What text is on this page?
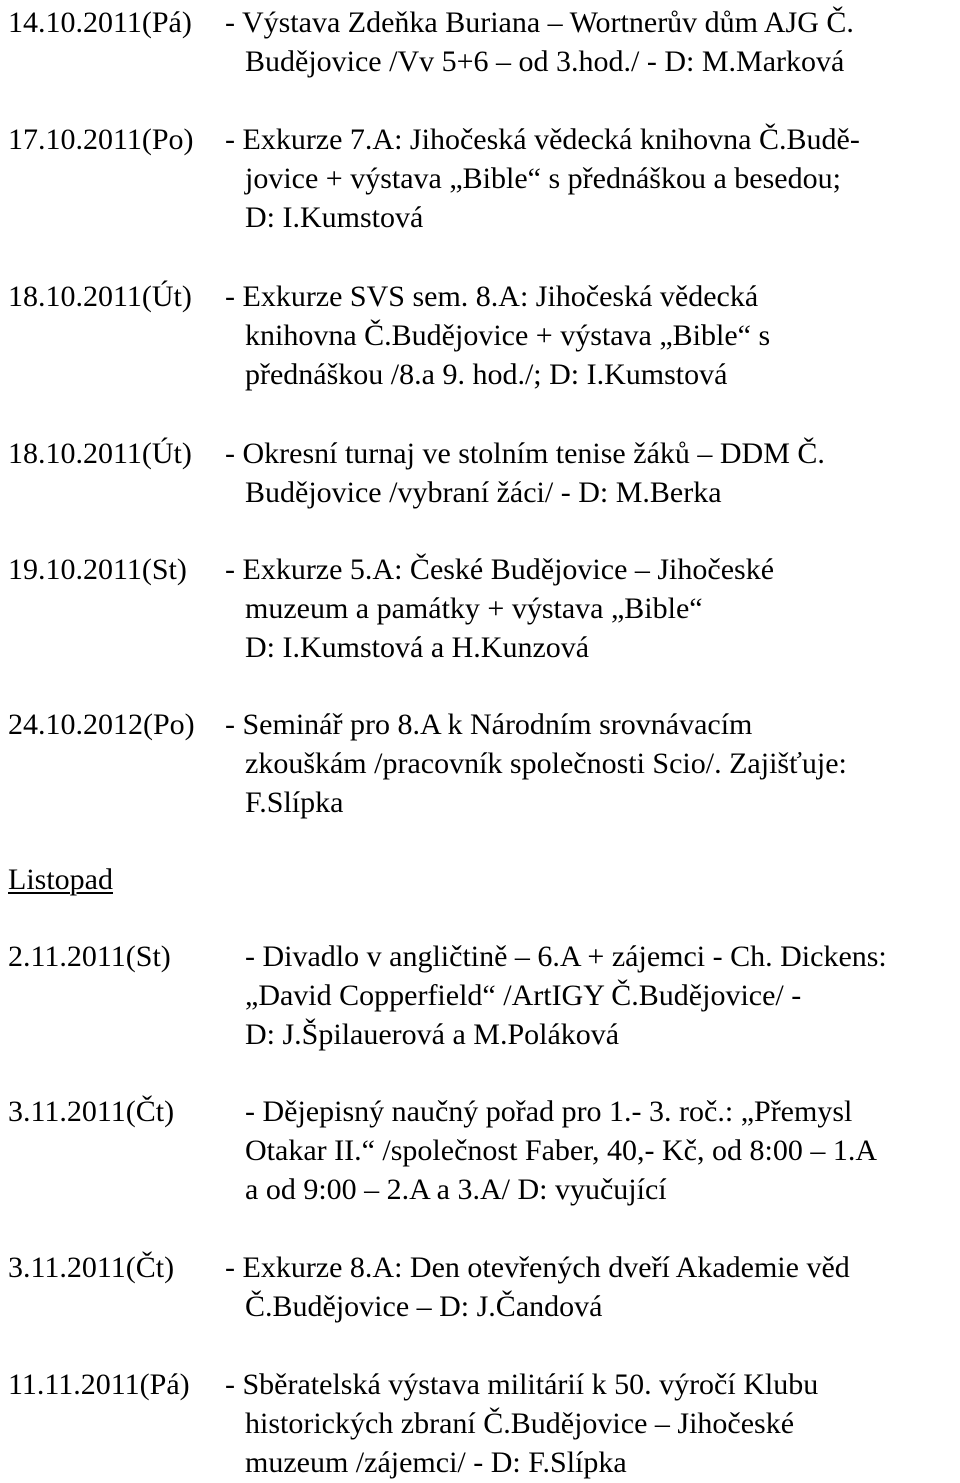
14.10.2011(Pá) - Výstava Zdeňka Buriana – Wortnerův dům AJG Č.
Budějovice /Vv 5+6 – od 3.hod./ - D: M.Marková
17.10.2011(Po) - Exkurze 7.A: Jihočeská vědecká knihovna Č.Budě-
jovice + výstava „Bible“ s přednáškou a besedou;
D: I.Kumstová
18.10.2011(Út) - Exkurze SVS sem. 8.A: Jihočeská vědecká
knihovna Č.Budějovice + výstava „Bible“ s
přednáškou /8.a 9. hod./; D: I.Kumstová
18.10.2011(Út) - Okresní turnaj ve stolním tenise žáků – DDM Č.
Budějovice /vybraní žáci/ - D: M.Berka
19.10.2011(St) - Exkurze 5.A: České Budějovice – Jihočeské
muzeum a památky + výstava „Bible“
D: I.Kumstová a H.Kunzová
24.10.2012(Po) - Seminář pro 8.A k Národním srovnávacím
zkouškám /pracovník společnosti Scio/. Zajišťuje:
F.Slípka
Listopad
2.11.2011(St) - Divadlo v angličtině – 6.A + zájemci - Ch. Dickens:
„David Copperfield“ /ArtIGY Č.Budějovice/ -
D: J.Špilauerová a M.Poláková
3.11.2011(Čt) - Dějepisný naučný pořad pro 1.- 3. roč.: „Přemysl
Otakar II.“ /společnost Faber, 40,- Kč, od 8:00 – 1.A
a od 9:00 – 2.A a 3.A/ D: vyučující
3.11.2011(Čt) - Exkurze 8.A: Den otevřených dveří Akademie věd
Č.Budějovice – D: J.Čandová
11.11.2011(Pá) - Sběratelská výstava militárií k 50. výročí Klubu
historických zbraní Č.Budějovice – Jihočeské
muzeum /zájemci/ - D: F.Slípka
